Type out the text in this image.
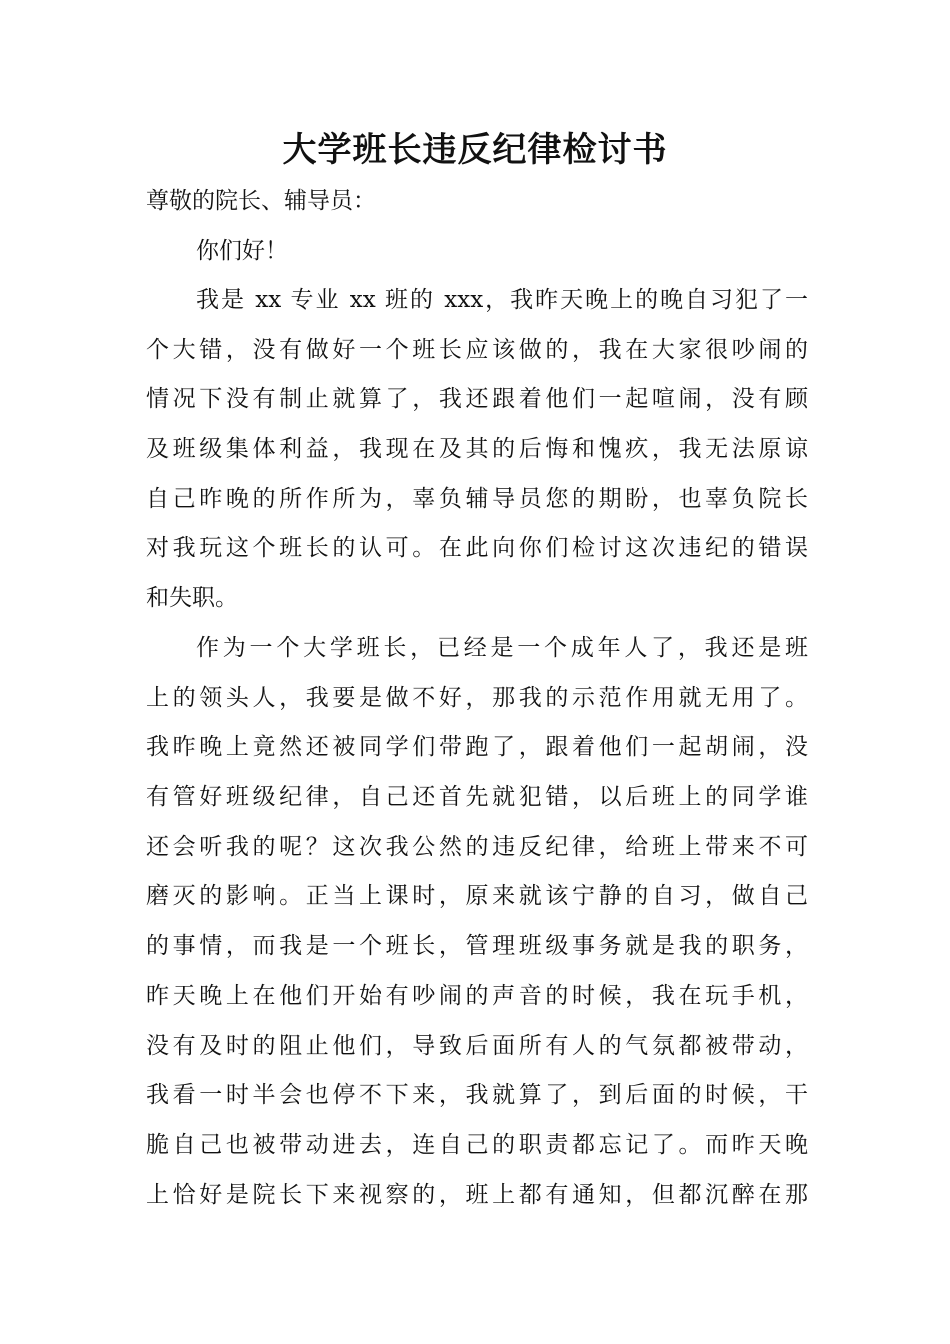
大学班长违反纪律检讨书
尊敬的院长、辅导员：
你们好！
我是 xx 专业 xx 班的 xxx，我昨天晚上的晚自习犯了一
个大错，没有做好一个班长应该做的，我在大家很吵闹的
情况下没有制止就算了，我还跟着他们一起喧闹，没有顾
及班级集体利益，我现在及其的后悔和愧疚，我无法原谅
自己昨晚的所作所为，辜负辅导员您的期盼，也辜负院长
对我玩这个班长的认可。在此向你们检讨这次违纪的错误
和失职。
作为一个大学班长，已经是一个成年人了，我还是班
上的领头人，我要是做不好，那我的示范作用就无用了。
我昨晚上竟然还被同学们带跑了，跟着他们一起胡闹，没
有管好班级纪律，自己还首先就犯错，以后班上的同学谁
还会听我的呢？这次我公然的违反纪律，给班上带来不可
磨灭的影响。正当上课时，原来就该宁静的自习，做自己
的事情，而我是一个班长，管理班级事务就是我的职务，
昨天晚上在他们开始有吵闹的声音的时候，我在玩手机，
没有及时的阻止他们，导致后面所有人的气氛都被带动，
我看一时半会也停不下来，我就算了，到后面的时候，干
脆自己也被带动进去，连自己的职责都忘记了。而昨天晚
上恰好是院长下来视察的，班上都有通知，但都沉醉在那
